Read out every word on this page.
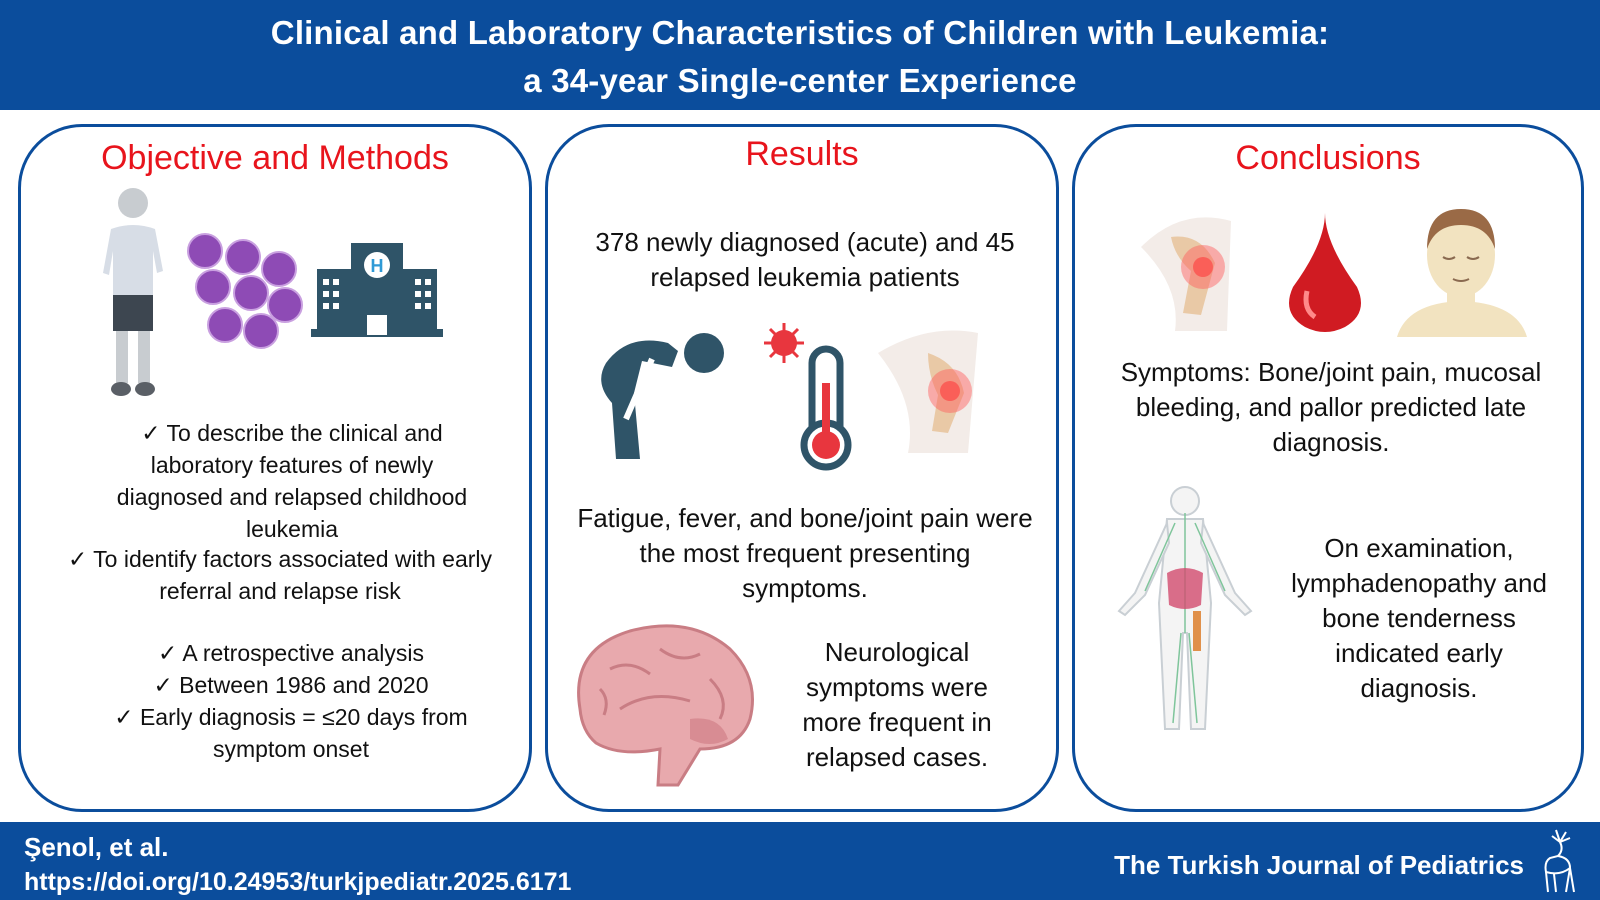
Clinical and Laboratory Characteristics of Children with Leukemia:
a 34-year Single-center Experience
Objective and Methods
H
✓ To describe the clinical and laboratory features of newly diagnosed and relapsed childhood leukemia
✓ To identify factors associated with early referral and relapse risk
✓ A retrospective analysis
✓ Between 1986 and 2020
✓ Early diagnosis = ≤20 days from symptom onset
Results
378 newly diagnosed (acute) and 45 relapsed leukemia patients
Fatigue, fever, and bone/joint pain were the most frequent presenting symptoms.
Neurological symptoms were more frequent in relapsed cases.
Conclusions
Symptoms: Bone/joint pain, mucosal bleeding, and pallor predicted late diagnosis.
On examination, lymphadenopathy and bone tenderness indicated early diagnosis.
Şenol, et al.
https://doi.org/10.24953/turkjpediatr.2025.6171
The Turkish Journal of Pediatrics
